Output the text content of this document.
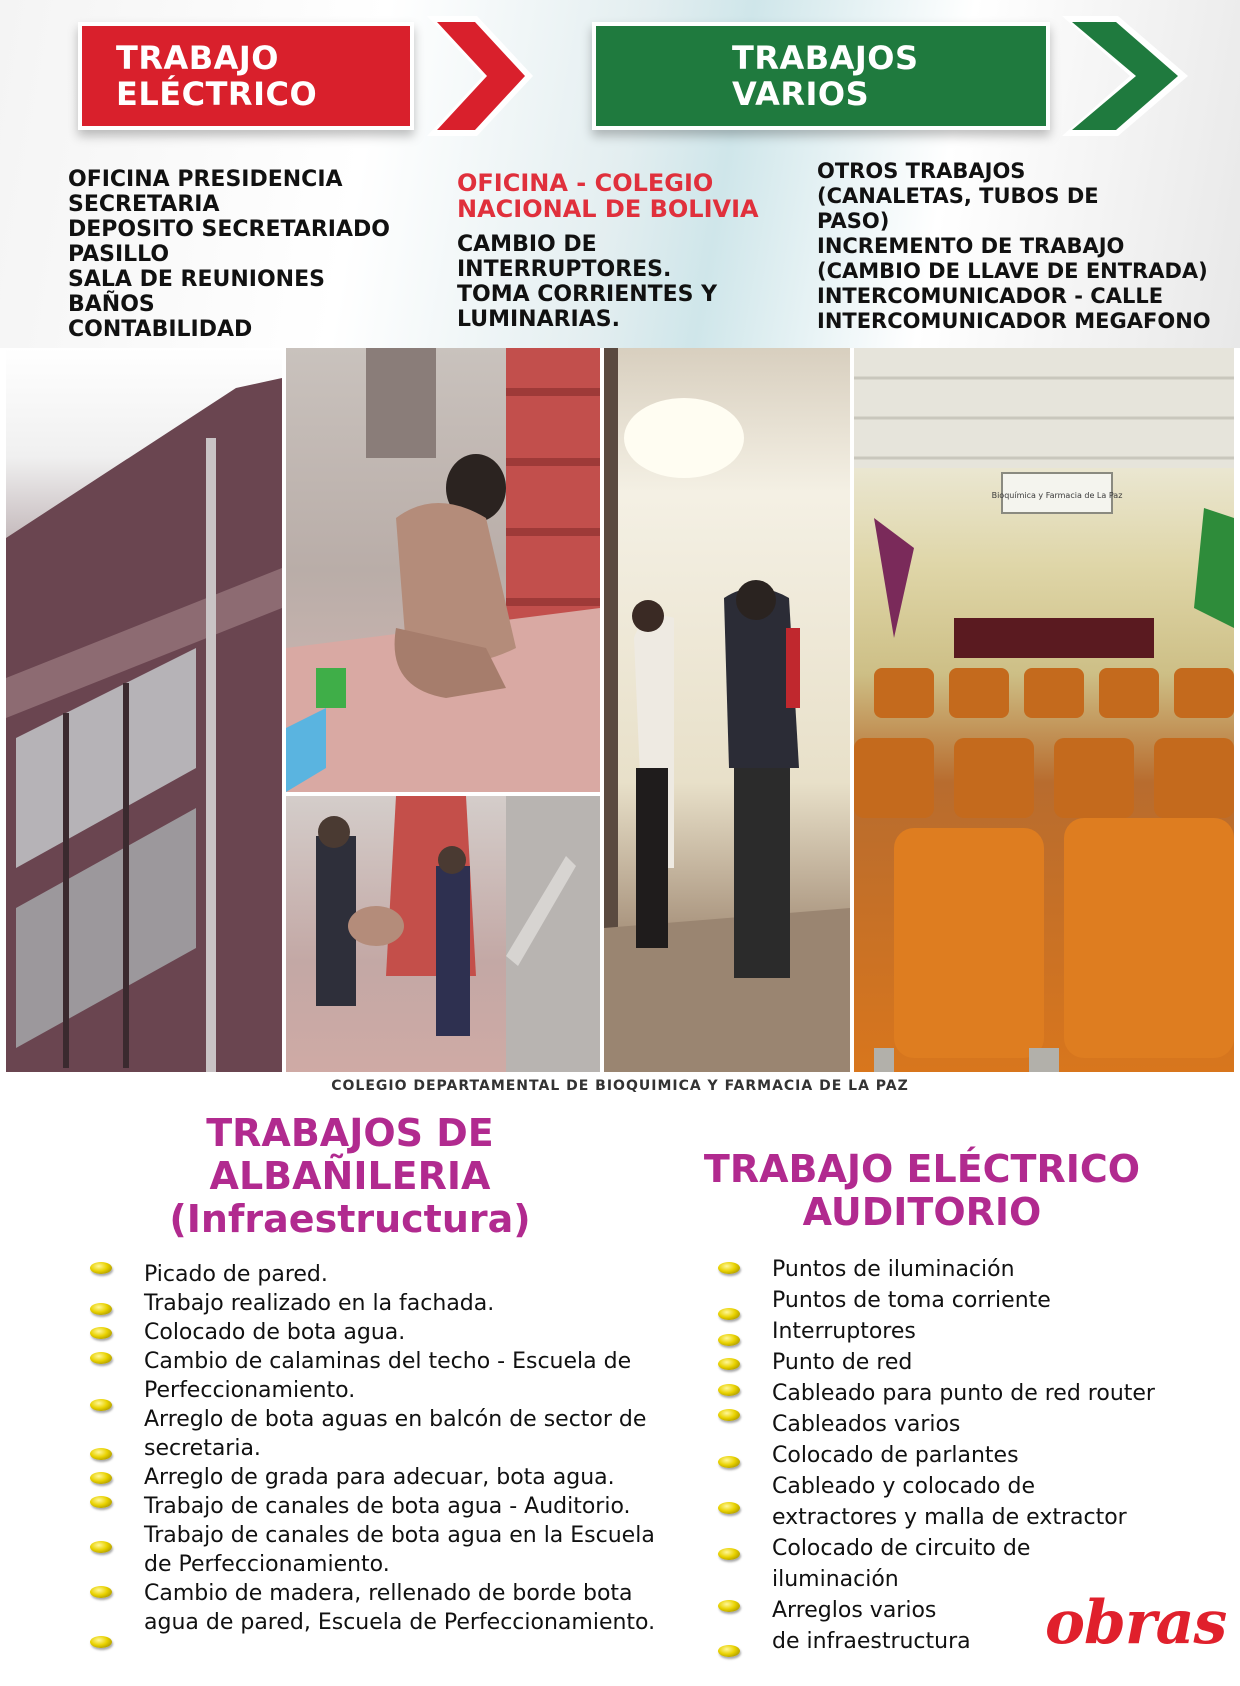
TRABAJO
ELÉCTRICO
TRABAJOS
VARIOS
OFICINA PRESIDENCIA
SECRETARIA
DEPOSITO SECRETARIADO
PASILLO
SALA DE REUNIONES
BAÑOS
CONTABILIDAD
OFICINA - COLEGIO
NACIONAL DE BOLIVIA
CAMBIO DE
INTERRUPTORES.
TOMA CORRIENTES Y
LUMINARIAS.
OTROS TRABAJOS
(CANALETAS, TUBOS DE
PASO)
INCREMENTO DE TRABAJO
(CAMBIO DE LLAVE DE ENTRADA)
INTERCOMUNICADOR - CALLE
INTERCOMUNICADOR MEGAFONO
Bioquímica y Farmacia de La Paz
COLEGIO DEPARTAMENTAL DE BIOQUIMICA Y FARMACIA DE LA PAZ
TRABAJOS DE
ALBAÑILERIA
(Infraestructura)
TRABAJO ELÉCTRICO
AUDITORIO
Picado de pared.
Trabajo realizado en la fachada.
Colocado de bota agua.
Cambio de calaminas del techo - Escuela de
Perfeccionamiento.
Arreglo de bota aguas en balcón de sector de
secretaria.
Arreglo de grada para adecuar, bota agua.
Trabajo de canales de bota agua - Auditorio.
Trabajo de canales de bota agua en la Escuela
de Perfeccionamiento.
Cambio de madera, rellenado de borde bota
agua de pared, Escuela de Perfeccionamiento.
Puntos de iluminación
Puntos de toma corriente
Interruptores
Punto de red
Cableado para punto de red router
Cableados varios
Colocado de parlantes
Cableado y colocado de
extractores y malla de extractor
Colocado de circuito de
iluminación
Arreglos varios
de infraestructura	obras
